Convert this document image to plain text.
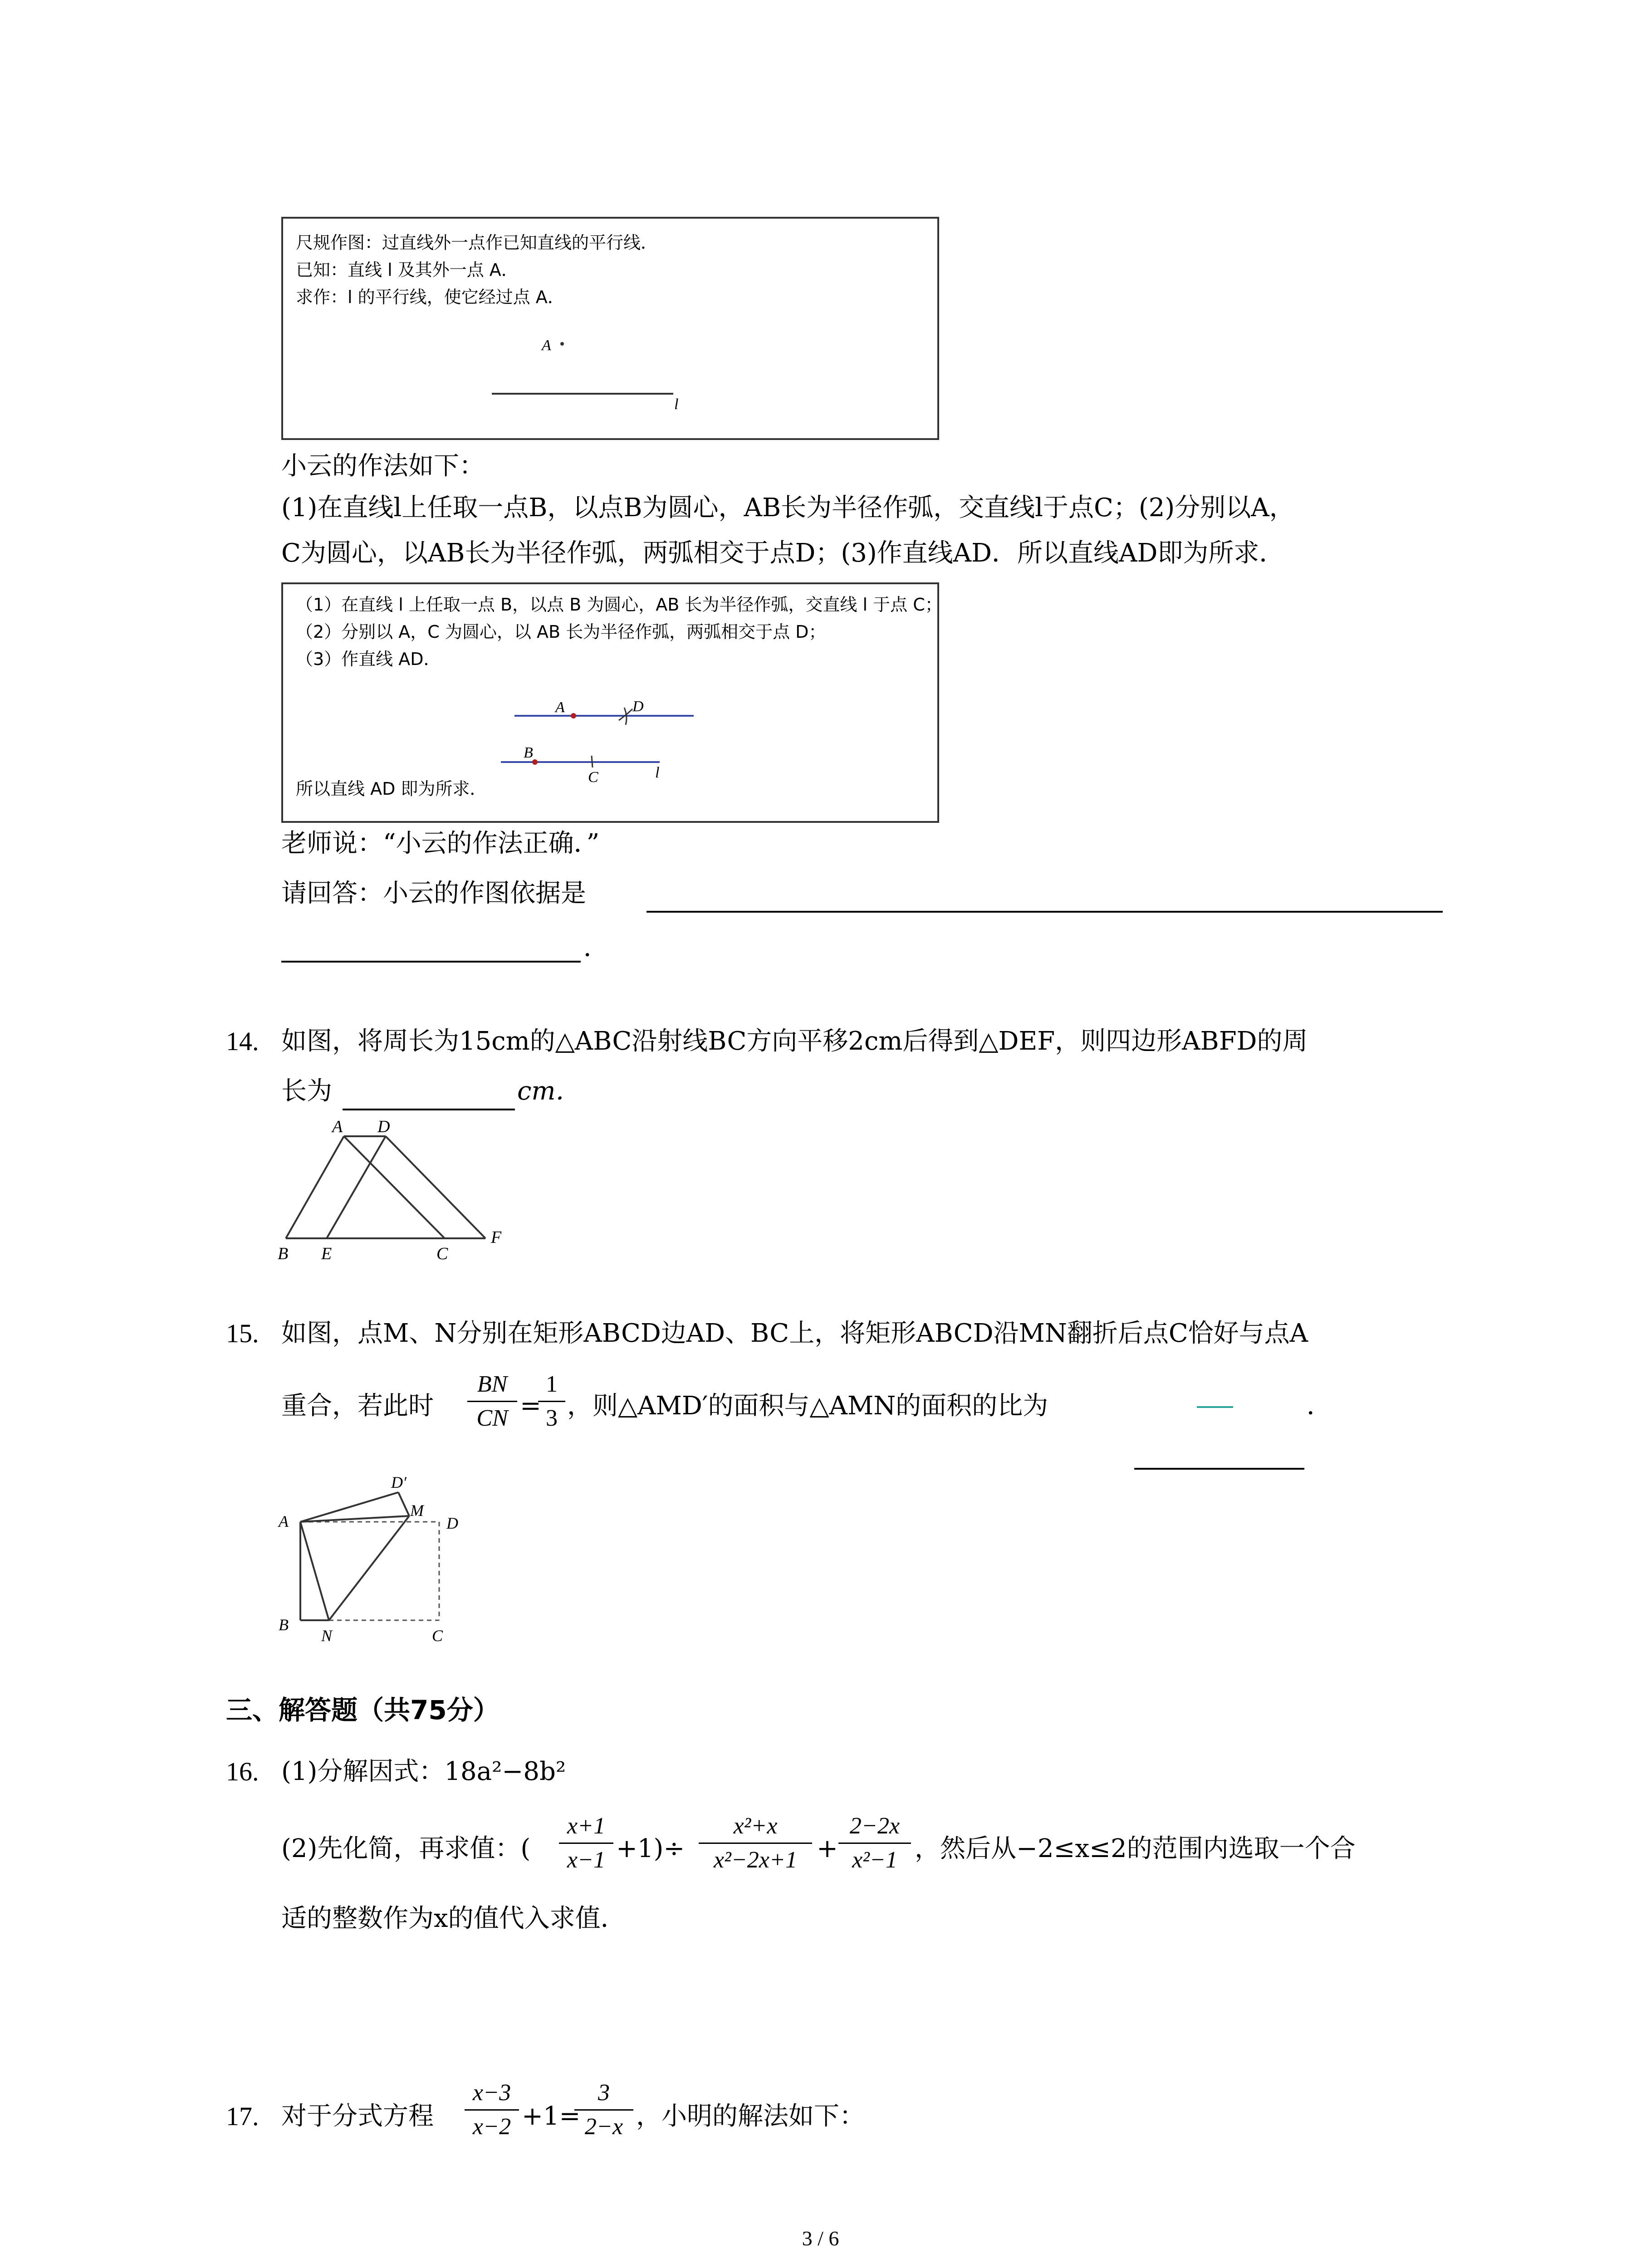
尺规作图：过直线外一点作已知直线的平行线．
已知：直线 l 及其外一点 A．
求作：l 的平行线，使它经过点 A．
A
l
小云的作法如下：
(1)在直线l上任取一点B，以点B为圆心，AB长为半径作弧，交直线l于点C；(2)分别以A，
C为圆心，以AB长为半径作弧，两弧相交于点D；(3)作直线AD．所以直线AD即为所求．
（1）在直线 l 上任取一点 B，以点 B 为圆心，AB 长为半径作弧，交直线 l 于点 C；
（2）分别以 A，C 为圆心，以 AB 长为半径作弧，两弧相交于点 D；
（3）作直线 AD．
所以直线 AD 即为所求．
A	D
B
C	l
老师说：“小云的作法正确．”
请回答：小云的作图依据是
．
14. 如图，将周长为15cm的△ABC沿射线BC方向平移2cm后得到△DEF，则四边形ABFD的周
长为	cm．
A D
B E	C
F
15. 如图，点M、N分别在矩形ABCD边AD、BC上，将矩形ABCD沿MN翻折后点C恰好与点A
重合，若此时
BN
CN =
1
3 ，则△AMD′的面积与△AMN的面积的比为	．
D′
M
A	D
B
N	C
三、解答题（共75分）
16. (1)分解因式：18a²−8b²
(2)先化简，再求值：(
x+1
x−1 +1)÷
x²+x
x²−2x+1 +
2−2x
x²−1 ，然后从−2≤x≤2的范围内选取一个合
适的整数作为x的值代入求值．
17. 对于分式方程
x−3
x−2 +1=
3
2−x ，小明的解法如下：
3 / 6
